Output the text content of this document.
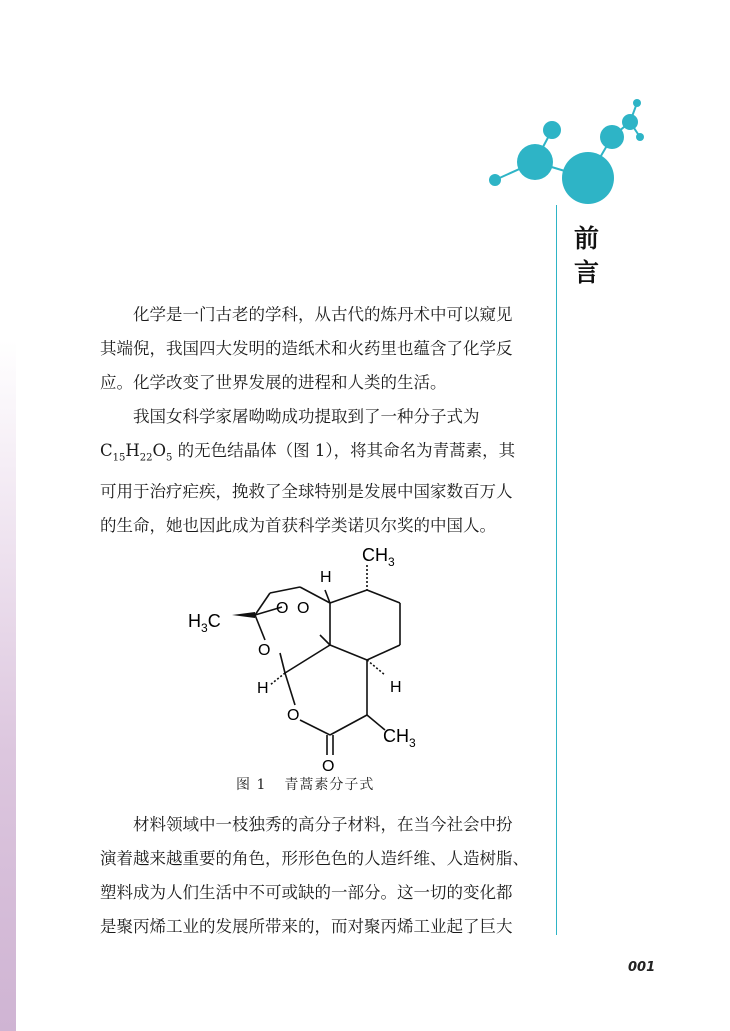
前
言
化学是一门古老的学科，从古代的炼丹术中可以窥见
其端倪，我国四大发明的造纸术和火药里也蕴含了化学反
应。化学改变了世界发展的进程和人类的生活。
我国女科学家屠呦呦成功提取到了一种分子式为
$C_{15}H_{22}O_5$ 的无色结晶体（图 1），将其命名为青蒿素，其
可用于治疗疟疾，挽救了全球特别是发展中国家数百万人
的生命，她也因此成为首获科学类诺贝尔奖的中国人。
$CH_3$
H
$H_3C$
O O
O
H	H
O
O
$CH_3$
图 1 青蒿素分子式
材料领域中一枝独秀的高分子材料，在当今社会中扮
演着越来越重要的角色，形形色色的人造纤维、人造树脂、
塑料成为人们生活中不可或缺的一部分。这一切的变化都
是聚丙烯工业的发展所带来的，而对聚丙烯工业起了巨大
001
